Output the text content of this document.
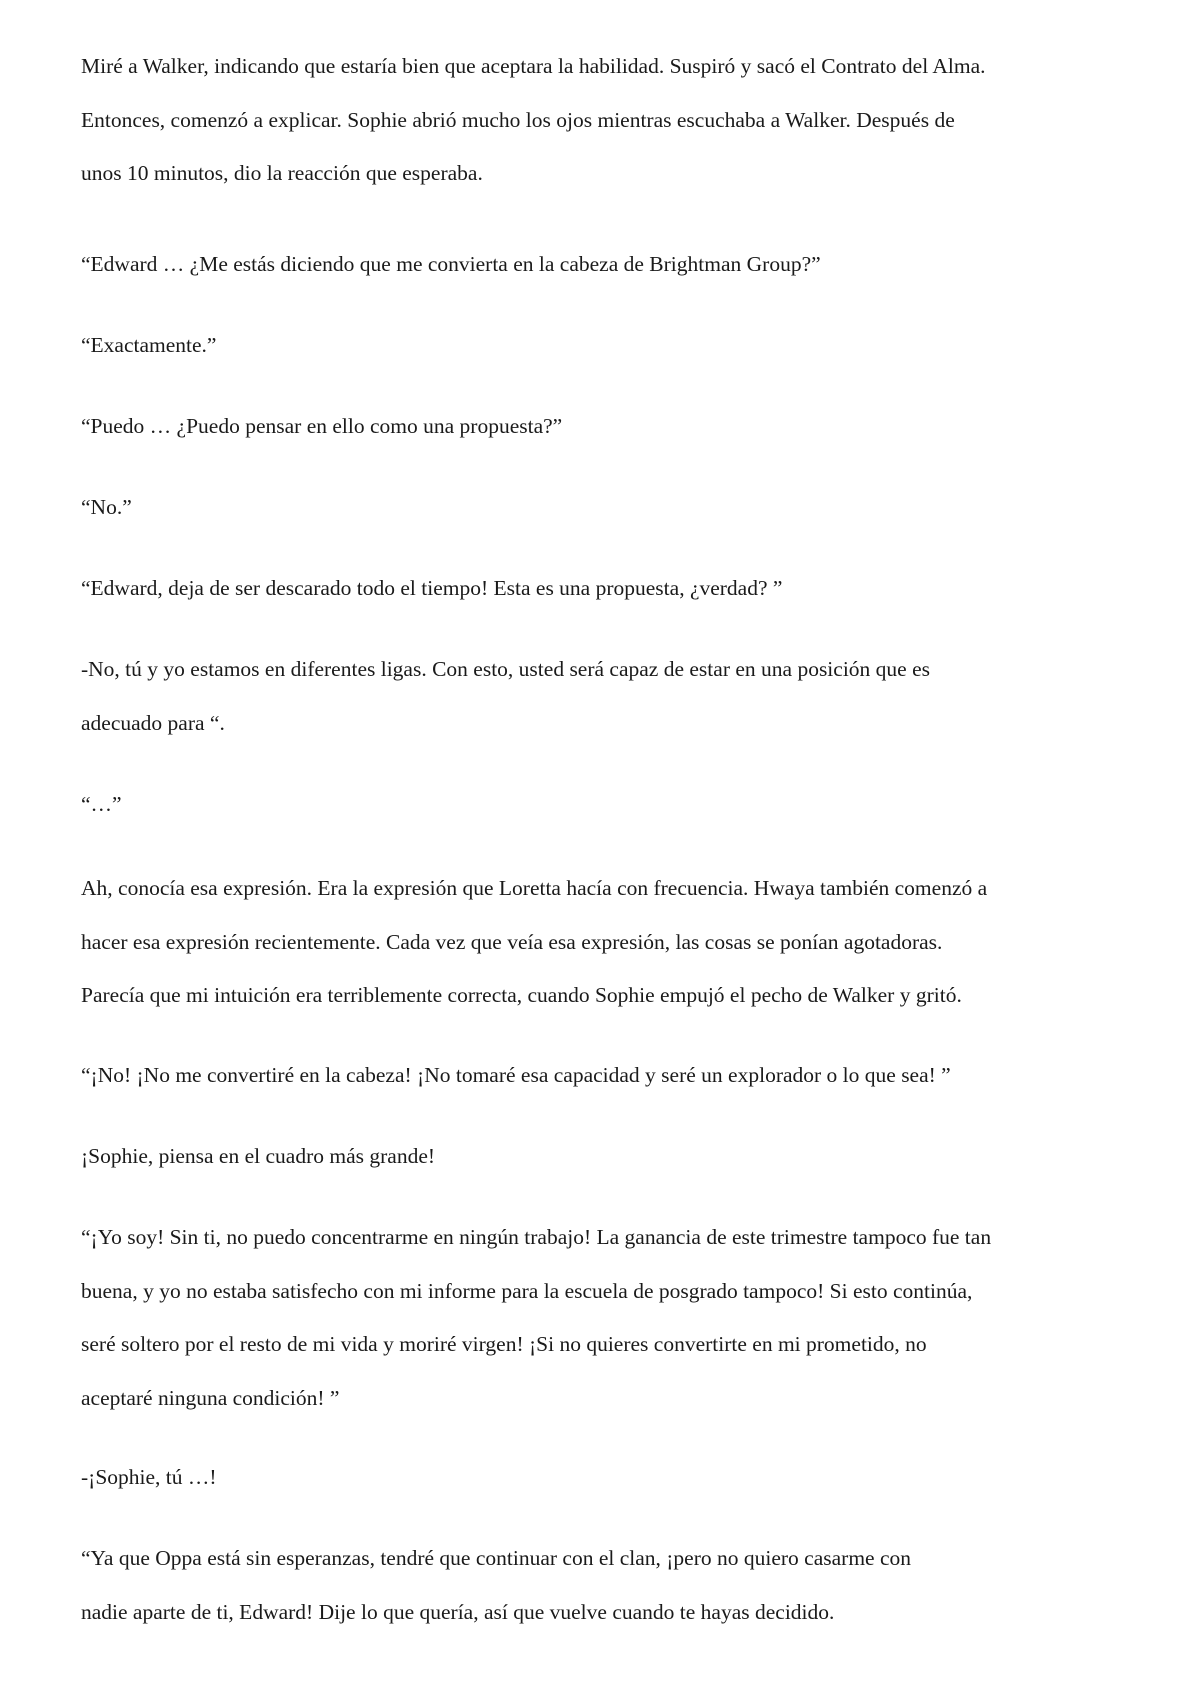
Miré a Walker, indicando que estaría bien que aceptara la habilidad. Suspiró y sacó el Contrato del Alma.
Entonces, comenzó a explicar. Sophie abrió mucho los ojos mientras escuchaba a Walker. Después de
unos 10 minutos, dio la reacción que esperaba.

“Edward … ¿Me estás diciendo que me convierta en la cabeza de Brightman Group?”

“Exactamente.”

“Puedo … ¿Puedo pensar en ello como una propuesta?”

“No.”

“Edward, deja de ser descarado todo el tiempo! Esta es una propuesta, ¿verdad? ”

-No, tú y yo estamos en diferentes ligas. Con esto, usted será capaz de estar en una posición que es
adecuado para “.

“…”

Ah, conocía esa expresión. Era la expresión que Loretta hacía con frecuencia. Hwaya también comenzó a
hacer esa expresión recientemente. Cada vez que veía esa expresión, las cosas se ponían agotadoras.
Parecía que mi intuición era terriblemente correcta, cuando Sophie empujó el pecho de Walker y gritó.

“¡No! ¡No me convertiré en la cabeza! ¡No tomaré esa capacidad y seré un explorador o lo que sea! ”

¡Sophie, piensa en el cuadro más grande!

“¡Yo soy! Sin ti, no puedo concentrarme en ningún trabajo! La ganancia de este trimestre tampoco fue tan
buena, y yo no estaba satisfecho con mi informe para la escuela de posgrado tampoco! Si esto continúa,
seré soltero por el resto de mi vida y moriré virgen! ¡Si no quieres convertirte en mi prometido, no
aceptaré ninguna condición! ”

-¡Sophie, tú …!

“Ya que Oppa está sin esperanzas, tendré que continuar con el clan, ¡pero no quiero casarme con
nadie aparte de ti, Edward! Dije lo que quería, así que vuelve cuando te hayas decidido.
